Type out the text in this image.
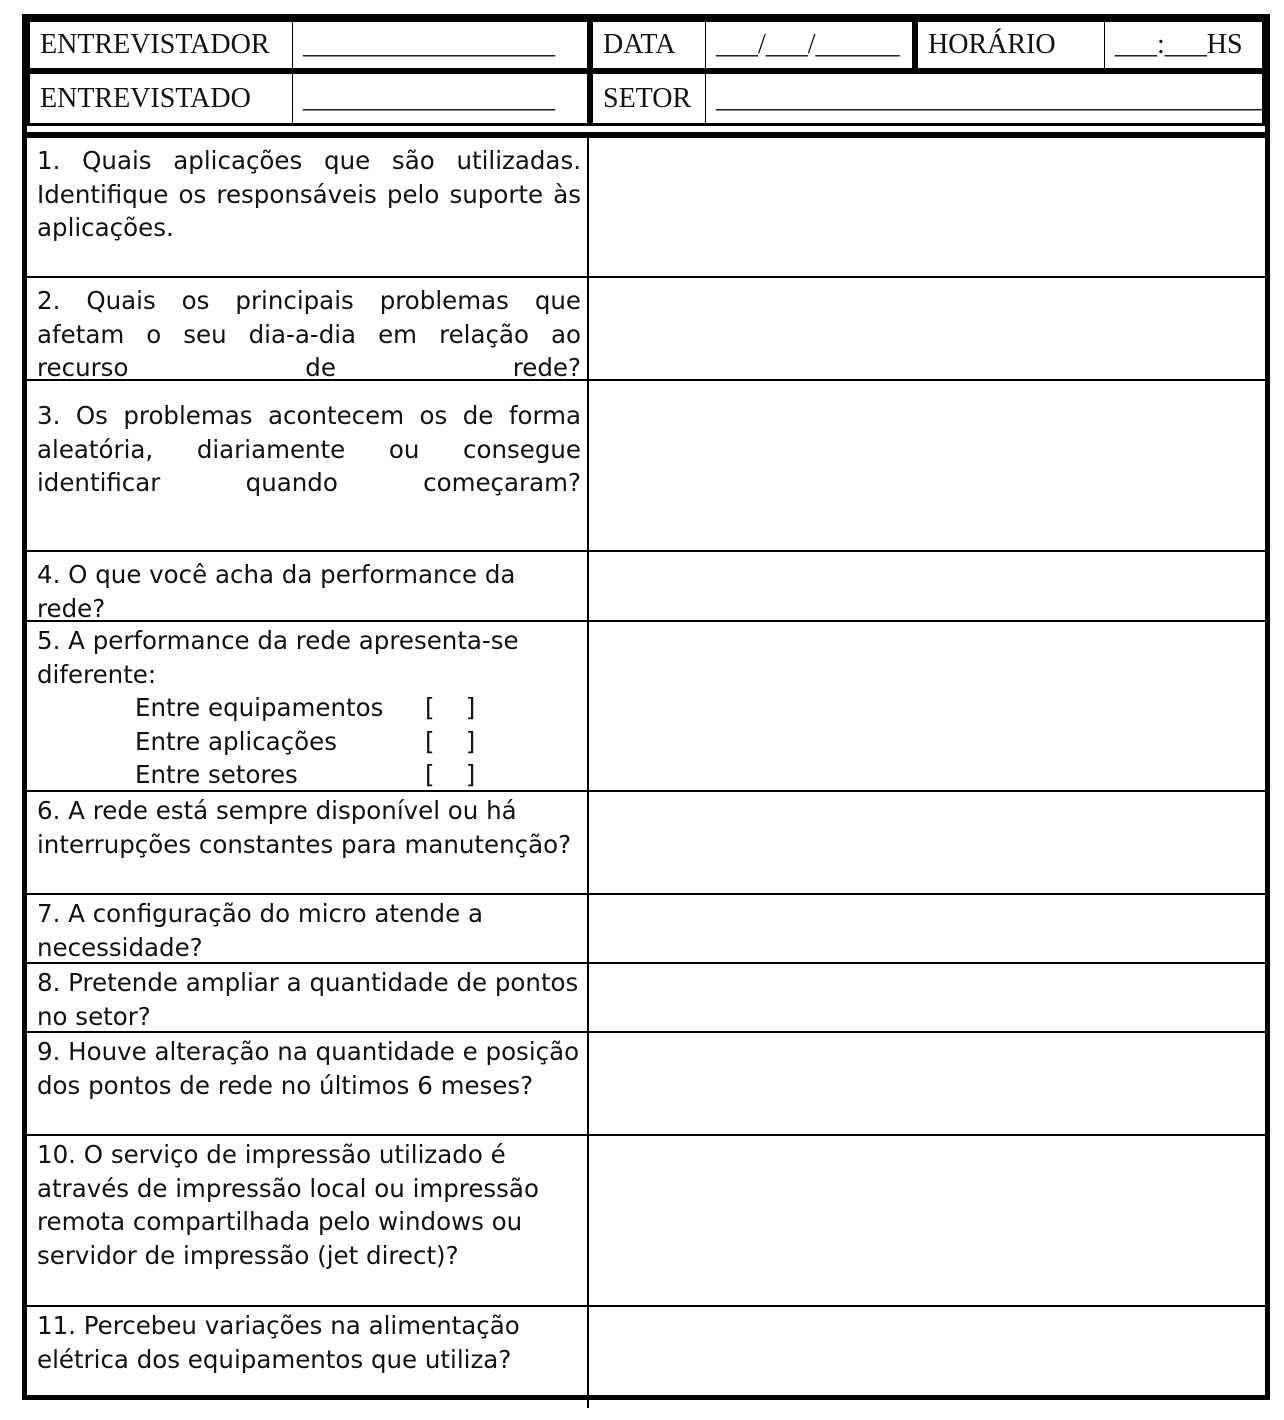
ENTREVISTADOR	__________________	DATA	___/___/______	HORÁRIO	___:___HS
ENTREVISTADO	__________________	SETOR _______________________________________
1. Quais aplicações que são utilizadas. Identifique os responsáveis pelo suporte às aplicações.
2. Quais os principais problemas que afetam o seu dia-a-dia em relação ao recurso de rede?
3. Os problemas acontecem os de forma aleatória, diariamente ou consegue identificar quando começaram?
4. O que você acha da performance da rede?
5. A performance da rede apresenta-se diferente:
Entre equipamentos	[    ]
Entre aplicações	[    ]
Entre setores	[    ]
6. A rede está sempre disponível ou há interrupções constantes para manutenção?
7. A configuração do micro atende a necessidade?
8. Pretende ampliar a quantidade de pontos no setor?
9. Houve alteração na quantidade e posição dos pontos de rede no últimos 6 meses?
10. O serviço de impressão utilizado é através de impressão local ou impressão remota compartilhada pelo windows ou servidor de impressão (jet direct)?
11. Percebeu variações na alimentação elétrica dos equipamentos que utiliza?
